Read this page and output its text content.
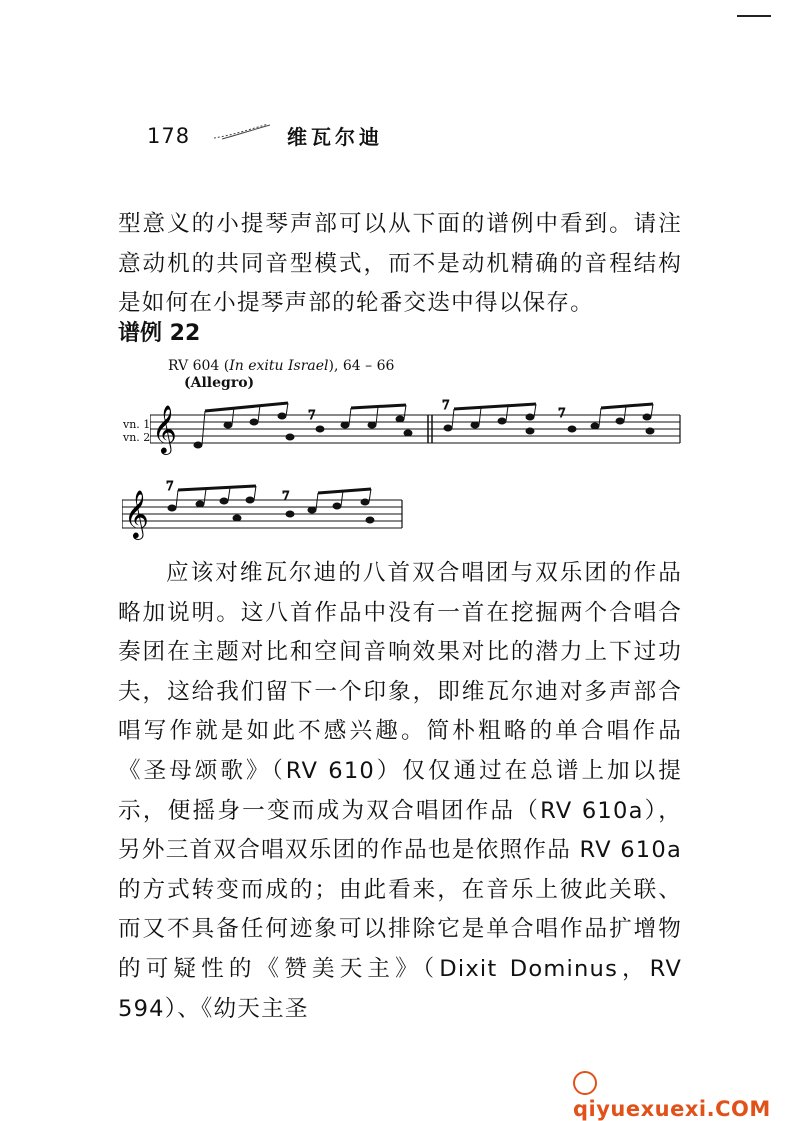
178	维瓦尔迪

型意义的小提琴声部可以从下面的谱例中看到。请注意动机的共同音型模式，而不是动机精确的音程结构是如何在小提琴声部的轮番交迭中得以保存。

谱例 22
RV 604 (In exitu Israel), 64 – 66
(Allegro)
vn. 1
vn. 2 𝄞	7
7
7
𝄞
7
7

应该对维瓦尔迪的八首双合唱团与双乐团的作品略加说明。这八首作品中没有一首在挖掘两个合唱合奏团在主题对比和空间音响效果对比的潜力上下过功夫，这给我们留下一个印象，即维瓦尔迪对多声部合唱写作就是如此不感兴趣。简朴粗略的单合唱作品《圣母颂歌》（RV 610）仅仅通过在总谱上加以提示，便摇身一变而成为双合唱团作品（RV 610a），另外三首双合唱双乐团的作品也是依照作品 RV 610a 的方式转变而成的；由此看来，在音乐上彼此关联、而又不具备任何迹象可以排除它是单合唱作品扩增物的可疑性的《赞美天主》（Dixit Dominus，RV 594）、《幼天主圣

qiyuexuexi.COM
